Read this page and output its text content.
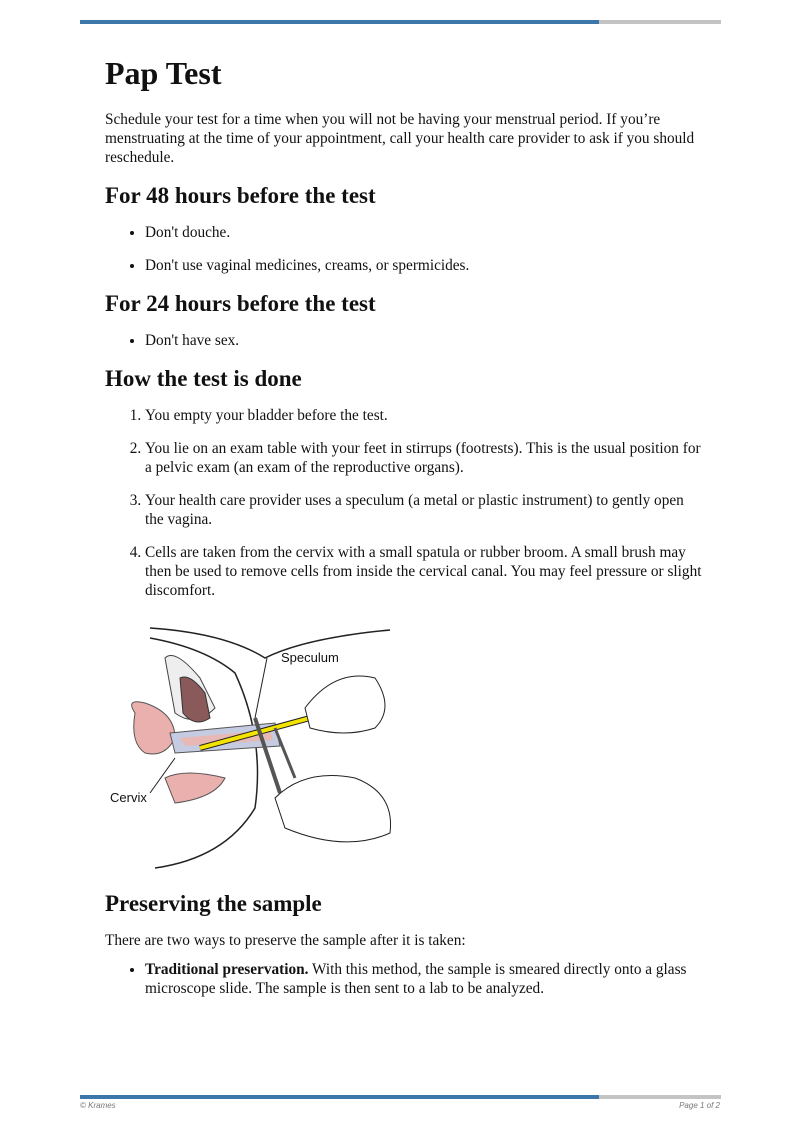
Pap Test

Schedule your test for a time when you will not be having your menstrual period. If you’re menstruating at the time of your appointment, call your health care provider to ask if you should reschedule.

For 48 hours before the test
• Don't douche.
• Don't use vaginal medicines, creams, or spermicides.
For 24 hours before the test
• Don't have sex.
How the test is done
1. You empty your bladder before the test.
2. You lie on an exam table with your feet in stirrups (footrests). This is the usual position for a pelvic exam (an exam of the reproductive organs).
3. Your health care provider uses a speculum (a metal or plastic instrument) to gently open the vagina.
4. Cells are taken from the cervix with a small spatula or rubber broom. A small brush may then be used to remove cells from inside the cervical canal. You may feel pressure or slight discomfort.
Speculum
Cervix
Preserving the sample

There are two ways to preserve the sample after it is taken:

• Traditional preservation. With this method, the sample is smeared directly onto a glass microscope slide. The sample is then sent to a lab to be analyzed.
© Krames	Page 1 of 2
